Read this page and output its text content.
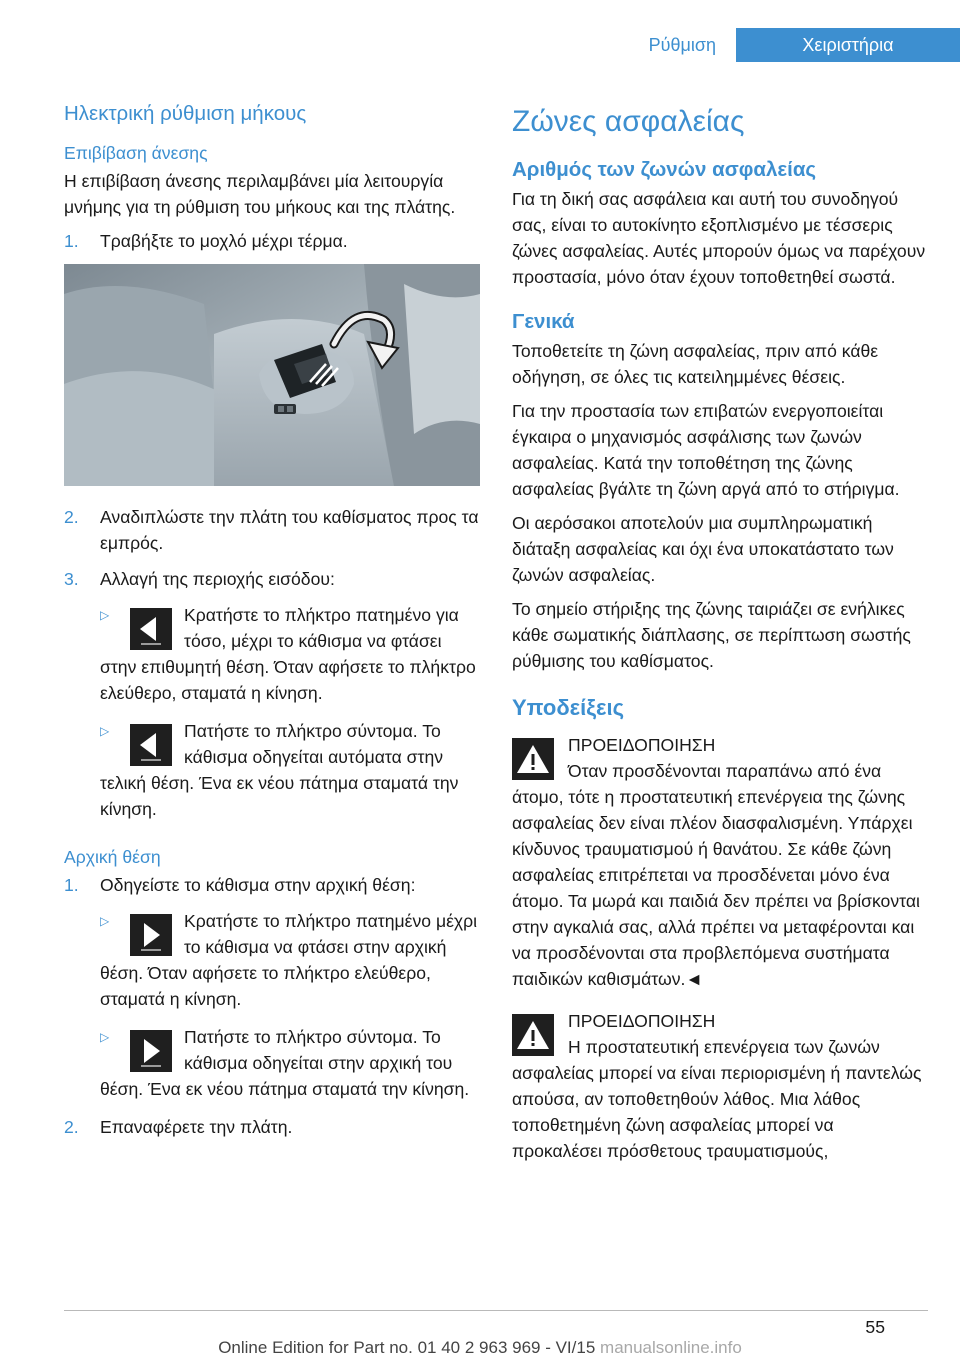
Ρύθμιση	Χειριστήρια
Ηλεκτρική ρύθμιση μήκους
Επιβίβαση άνεσης
Η επιβίβαση άνεσης περιλαμβάνει μία λειτουργία μνήμης για τη ρύθμιση του μήκους και της πλάτης.
1.	Τραβήξτε το μοχλό μέχρι τέρμα.
2.	Αναδιπλώστε την πλάτη του καθίσματος προς τα εμπρός.
3.	Αλλαγή της περιοχής εισόδου:
▷	Κρατήστε το πλήκτρο πατημένο για τόσο, μέχρι το κάθισμα να φτάσει στην επιθυμητή θέση. Όταν αφήσετε το πλήκτρο ελεύθερο, σταματά η κίνηση.
▷	Πατήστε το πλήκτρο σύντομα. Το κάθισμα οδηγείται αυτόματα στην τελική θέση. Ένα εκ νέου πάτημα σταματά την κίνηση.
Αρχική θέση
1.	Οδηγείστε το κάθισμα στην αρχική θέση:
▷	Κρατήστε το πλήκτρο πατημένο μέχρι το κάθισμα να φτάσει στην αρχική θέση. Όταν αφήσετε το πλήκτρο ελεύθερο, σταματά η κίνηση.
▷	Πατήστε το πλήκτρο σύντομα. Το κάθισμα οδηγείται στην αρχική του θέση. Ένα εκ νέου πάτημα σταματά την κίνηση.
2.	Επαναφέρετε την πλάτη.
Ζώνες ασφαλείας
Αριθμός των ζωνών ασφαλείας
Για τη δική σας ασφάλεια και αυτή του συνοδηγού σας, είναι το αυτοκίνητο εξοπλισμένο με τέσσερις ζώνες ασφαλείας. Αυτές μπορούν όμως να παρέχουν προστασία, μόνο όταν έχουν τοποθετηθεί σωστά.
Γενικά
Τοποθετείτε τη ζώνη ασφαλείας, πριν από κάθε οδήγηση, σε όλες τις κατειλημμένες θέσεις.
Για την προστασία των επιβατών ενεργοποιείται έγκαιρα ο μηχανισμός ασφάλισης των ζωνών ασφαλείας. Κατά την τοποθέτηση της ζώνης ασφαλείας βγάλτε τη ζώνη αργά από το στήριγμα.
Οι αερόσακοι αποτελούν μια συμπληρωματική διάταξη ασφαλείας και όχι ένα υποκατάστατο των ζωνών ασφαλείας.
Το σημείο στήριξης της ζώνης ταιριάζει σε ενήλικες κάθε σωματικής διάπλασης, σε περίπτωση σωστής ρύθμισης του καθίσματος.
Υποδείξεις
ΠΡΟΕΙΔΟΠΟΙΗΣΗ
Όταν προσδένονται παραπάνω από ένα άτομο, τότε η προστατευτική επενέργεια της ζώνης ασφαλείας δεν είναι πλέον διασφαλισμένη. Υπάρχει κίνδυνος τραυματισμού ή θανάτου. Σε κάθε ζώνη ασφαλείας επιτρέπεται να προσδένεται μόνο ένα άτομο. Τα μωρά και παιδιά δεν πρέπει να βρίσκονται στην αγκαλιά σας, αλλά πρέπει να μεταφέρονται και να προσδένονται στα προβλεπόμενα συστήματα παιδικών καθισμάτων.◄
ΠΡΟΕΙΔΟΠΟΙΗΣΗ
Η προστατευτική επενέργεια των ζωνών ασφαλείας μπορεί να είναι περιορισμένη ή παντελώς απούσα, αν τοποθετηθούν λάθος. Μια λάθος τοποθετημένη ζώνη ασφαλείας μπορεί να προκαλέσει πρόσθετους τραυματισμούς,
55
Online Edition for Part no. 01 40 2 963 969 - VI/15 manualsonline.info
